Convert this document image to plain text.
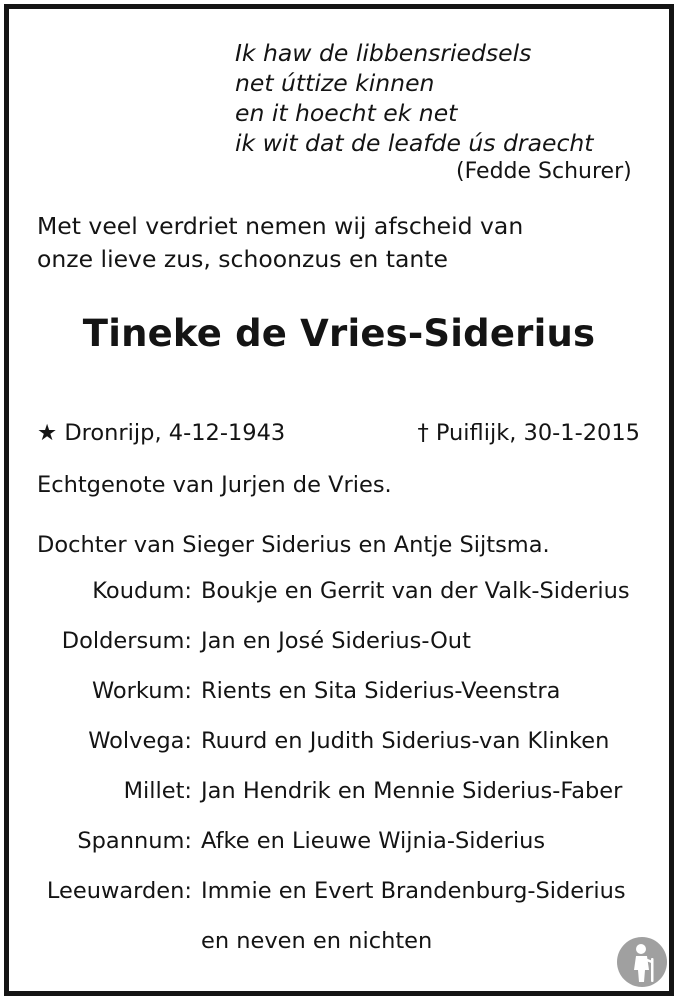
Ik haw de libbensriedsels
net úttize kinnen
en it hoecht ek net
ik wit dat de leafde ús draecht
(Fedde Schurer)
Met veel verdriet nemen wij afscheid van
onze lieve zus, schoonzus en tante
Tineke de Vries-Siderius
★ Dronrijp, 4-12-1943	† Puiflijk, 30-1-2015
Echtgenote van Jurjen de Vries.
Dochter van Sieger Siderius en Antje Sijtsma.
Koudum: Boukje en Gerrit van der Valk-Siderius
Doldersum: Jan en José Siderius-Out
Workum: Rients en Sita Siderius-Veenstra
Wolvega: Ruurd en Judith Siderius-van Klinken
Millet: Jan Hendrik en Mennie Siderius-Faber
Spannum: Afke en Lieuwe Wijnia-Siderius
Leeuwarden: Immie en Evert Brandenburg-Siderius
en neven en nichten
